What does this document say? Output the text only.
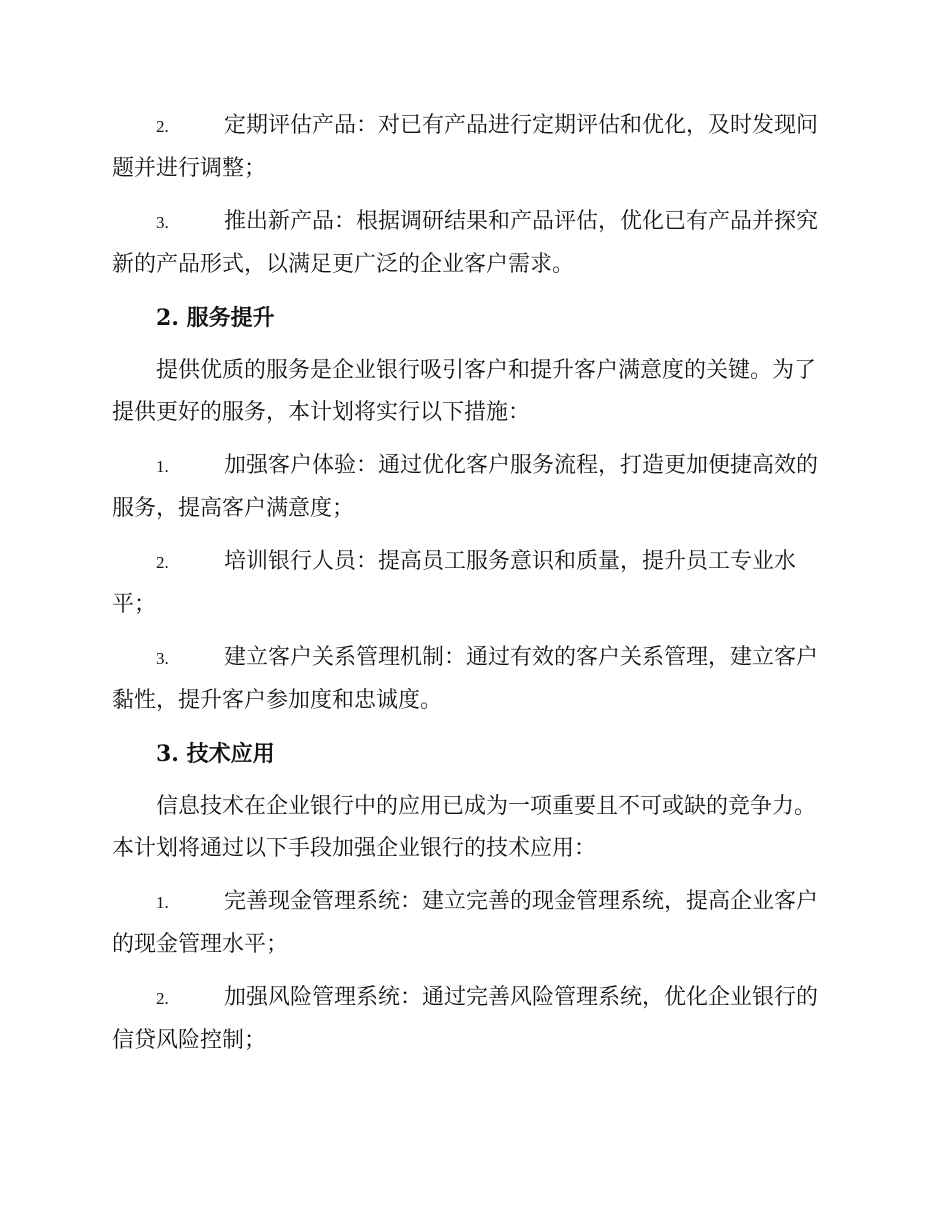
2.	定期评估产品：对已有产品进行定期评估和优化，及时发现问题并进行调整；
3.	推出新产品：根据调研结果和产品评估，优化已有产品并探究新的产品形式，以满足更广泛的企业客户需求。
2. 服务提升

提供优质的服务是企业银行吸引客户和提升客户满意度的关键。为了提供更好的服务，本计划将实行以下措施：

1.	加强客户体验：通过优化客户服务流程，打造更加便捷高效的服务，提高客户满意度；
2.	培训银行人员：提高员工服务意识和质量，提升员工专业水平；
3.	建立客户关系管理机制：通过有效的客户关系管理，建立客户黏性，提升客户参加度和忠诚度。
3. 技术应用

信息技术在企业银行中的应用已成为一项重要且不可或缺的竞争力。本计划将通过以下手段加强企业银行的技术应用：

1.	完善现金管理系统：建立完善的现金管理系统，提高企业客户的现金管理水平；
2.	加强风险管理系统：通过完善风险管理系统，优化企业银行的信贷风险控制；
